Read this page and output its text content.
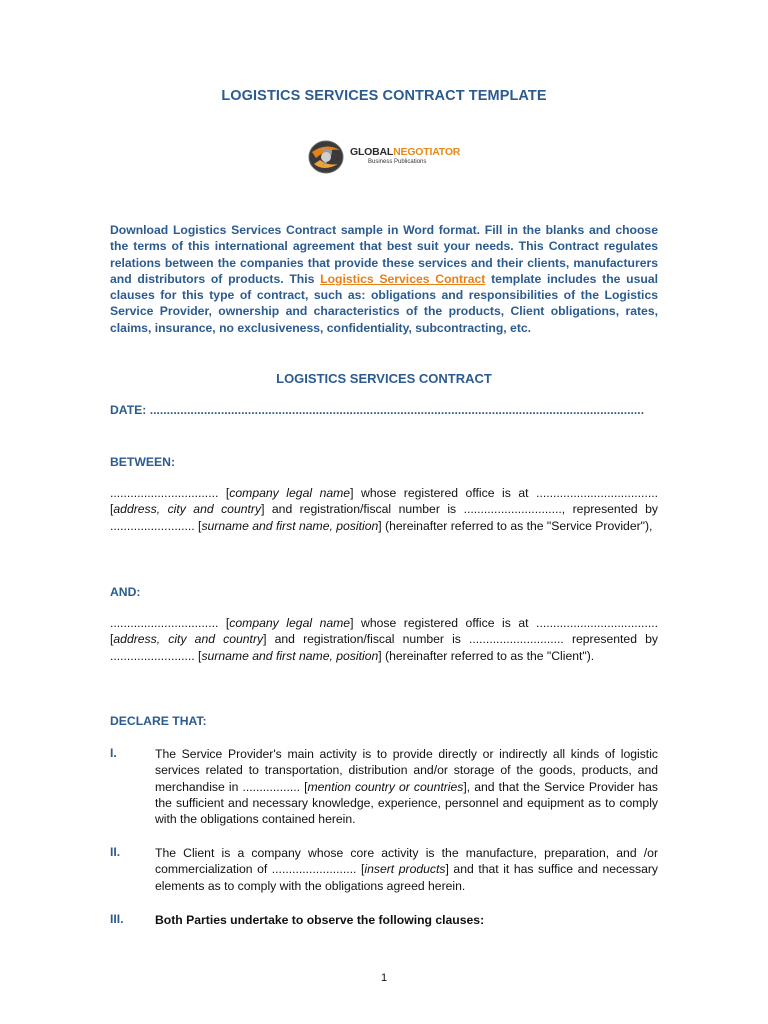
LOGISTICS SERVICES CONTRACT TEMPLATE
GLOBALNEGOTIATOR
Business Publications
Download Logistics Services Contract sample in Word format. Fill in the blanks and choose the terms of this international agreement that best suit your needs. This Contract regulates relations between the companies that provide these services and their clients, manufacturers and distributors of products. This Logistics Services Contract template includes the usual clauses for this type of contract, such as: obligations and responsibilities of the Logistics Service Provider, ownership and characteristics of the products, Client obligations, rates, claims, insurance, no exclusiveness, confidentiality, subcontracting, etc.
LOGISTICS SERVICES CONTRACT
DATE: ..................................................................................................................................................
BETWEEN:
................................ [company legal name] whose registered office is at .................................... [address, city and country] and registration/fiscal number is ............................., represented by ......................... [surname and first name, position] (hereinafter referred to as the "Service Provider"),
AND:
................................ [company legal name] whose registered office is at .................................... [address, city and country] and registration/fiscal number is ............................ represented by ......................... [surname and first name, position] (hereinafter referred to as the "Client").
DECLARE THAT:
I.	The Service Provider's main activity is to provide directly or indirectly all kinds of logistic services related to transportation, distribution and/or storage of the goods, products, and merchandise in ................. [mention country or countries], and that the Service Provider has the sufficient and necessary knowledge, experience, personnel and equipment as to comply with the obligations contained herein.
II.	The Client is a company whose core activity is the manufacture, preparation, and /or commercialization of ......................... [insert products] and that it has suffice and necessary elements as to comply with the obligations agreed herein.
III.	Both Parties undertake to observe the following clauses:
1
